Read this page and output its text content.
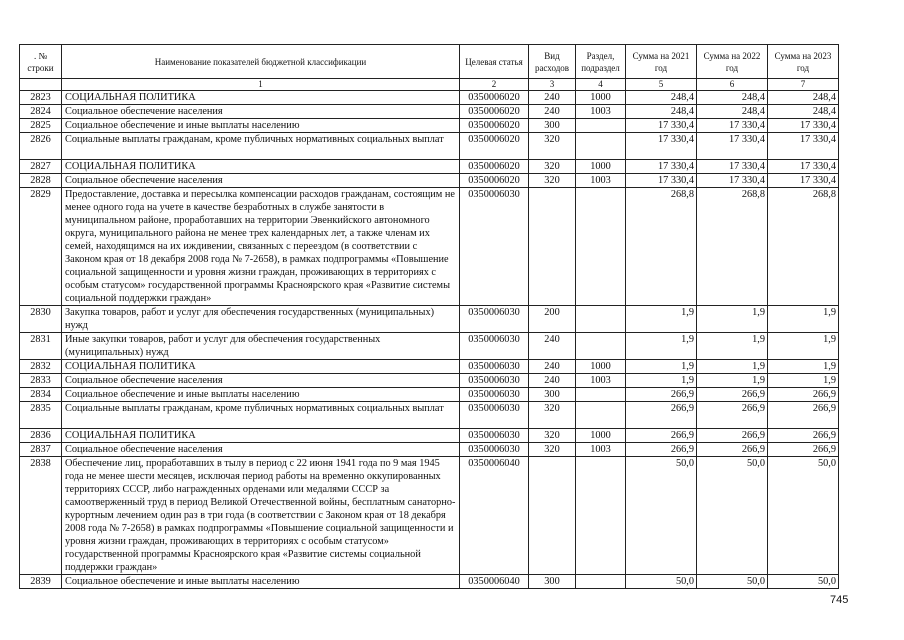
. №
строки	Наименование показателей бюджетной классификации	Целевая статья	Вид расходов	Раздел, подраздел	Сумма на 2021 год	Сумма на 2022 год	Сумма на 2023 год
	1	2	3	4	5	6	7
2823	СОЦИАЛЬНАЯ ПОЛИТИКА	0350006020	240	1000	248,4	248,4	248,4
2824	Социальное обеспечение населения	0350006020	240	1003	248,4	248,4	248,4
2825	Социальное обеспечение и иные выплаты населению	0350006020	300		17 330,4	17 330,4	17 330,4
2826	Социальные выплаты гражданам, кроме публичных нормативных социальных выплат	0350006020	320		17 330,4	17 330,4	17 330,4
2827	СОЦИАЛЬНАЯ ПОЛИТИКА	0350006020	320	1000	17 330,4	17 330,4	17 330,4
2828	Социальное обеспечение населения	0350006020	320	1003	17 330,4	17 330,4	17 330,4
2829	Предоставление, доставка и пересылка компенсации расходов гражданам, состоящим не менее одного года на учете в качестве безработных в службе занятости в муниципальном районе, проработавших на территории Эвенкийского автономного округа, муниципального района не менее трех календарных лет, а также членам их семей, находящимся на их иждивении, связанных с переездом (в соответствии с Законом края от 18 декабря 2008 года № 7-2658), в рамках подпрограммы «Повышение социальной защищенности и уровня жизни граждан, проживающих в территориях с особым статусом» государственной программы Красноярского края «Развитие системы социальной поддержки граждан»	0350006030			268,8	268,8	268,8
2830	Закупка товаров, работ и услуг для обеспечения государственных (муниципальных) нужд	0350006030	200		1,9	1,9	1,9
2831	Иные закупки товаров, работ и услуг для обеспечения государственных (муниципальных) нужд	0350006030	240		1,9	1,9	1,9
2832	СОЦИАЛЬНАЯ ПОЛИТИКА	0350006030	240	1000	1,9	1,9	1,9
2833	Социальное обеспечение населения	0350006030	240	1003	1,9	1,9	1,9
2834	Социальное обеспечение и иные выплаты населению	0350006030	300		266,9	266,9	266,9
2835	Социальные выплаты гражданам, кроме публичных нормативных социальных выплат	0350006030	320		266,9	266,9	266,9
2836	СОЦИАЛЬНАЯ ПОЛИТИКА	0350006030	320	1000	266,9	266,9	266,9
2837	Социальное обеспечение населения	0350006030	320	1003	266,9	266,9	266,9
2838	Обеспечение лиц, проработавших в тылу в период с 22 июня 1941 года по 9 мая 1945 года не менее шести месяцев, исключая период работы на временно оккупированных территориях СССР, либо награжденных орденами или медалями СССР за самоотверженный труд в период Великой Отечественной войны, бесплатным санаторно-курортным лечением один раз в три года (в соответствии с Законом края от 18 декабря 2008 года № 7-2658) в рамках подпрограммы «Повышение социальной защищенности и уровня жизни граждан, проживающих в территориях с особым статусом» государственной программы Красноярского края «Развитие системы социальной поддержки граждан»	0350006040			50,0	50,0	50,0
2839	Социальное обеспечение и иные выплаты населению	0350006040	300		50,0	50,0	50,0
745
